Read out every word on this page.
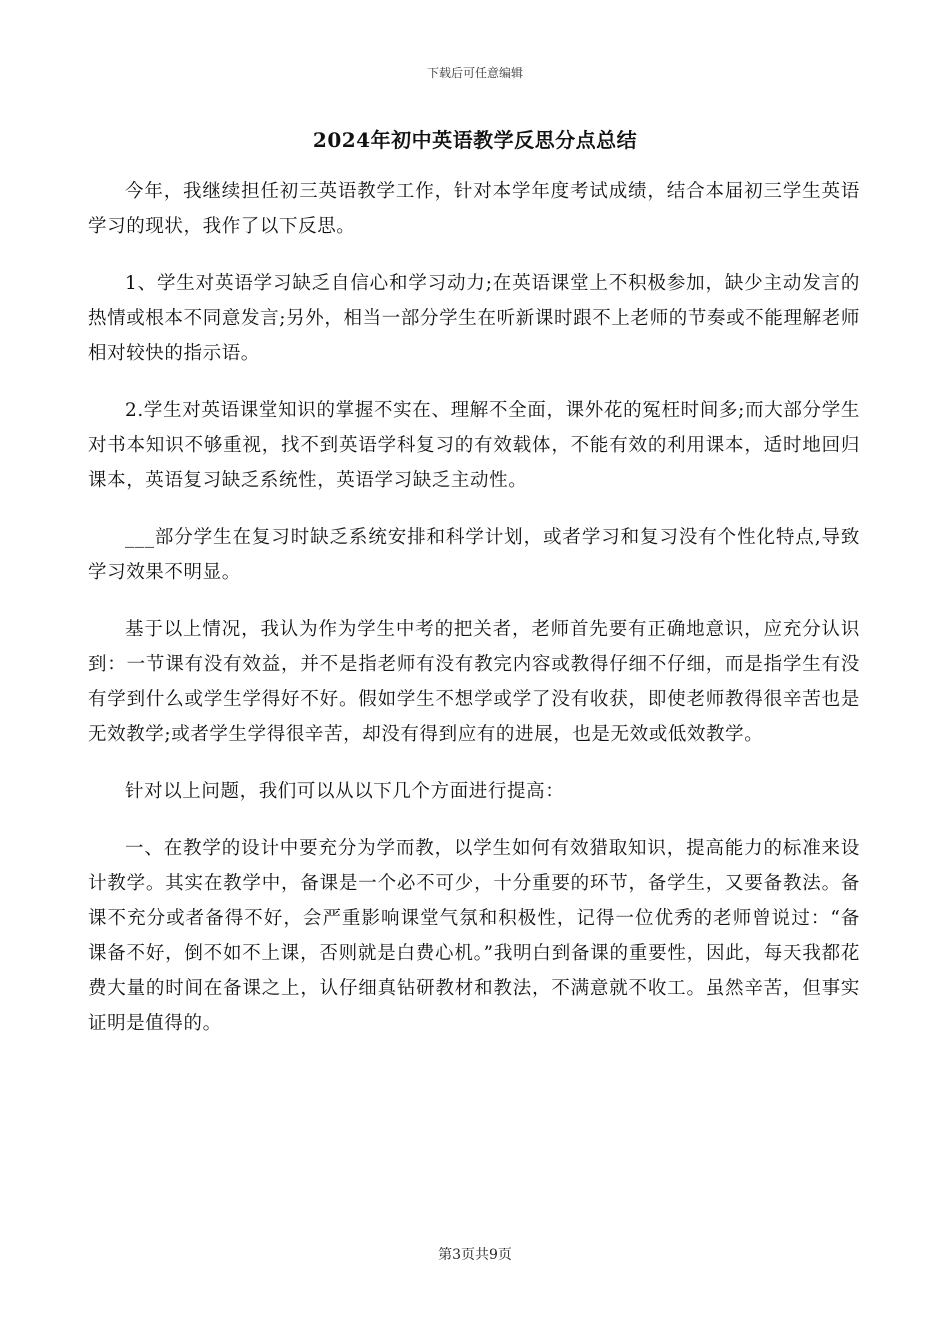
下载后可任意编辑
2024年初中英语教学反思分点总结

今年，我继续担任初三英语教学工作，针对本学年度考试成绩，结合本届初三学生英语学习的现状，我作了以下反思。

1、学生对英语学习缺乏自信心和学习动力;在英语课堂上不积极参加，缺少主动发言的热情或根本不同意发言;另外，相当一部分学生在听新课时跟不上老师的节奏或不能理解老师相对较快的指示语。

2.学生对英语课堂知识的掌握不实在、理解不全面，课外花的冤枉时间多;而大部分学生对书本知识不够重视，找不到英语学科复习的有效载体，不能有效的利用课本，适时地回归课本，英语复习缺乏系统性，英语学习缺乏主动性。

___部分学生在复习时缺乏系统安排和科学计划，或者学习和复习没有个性化特点,导致学习效果不明显。

基于以上情况，我认为作为学生中考的把关者，老师首先要有正确地意识，应充分认识到：一节课有没有效益，并不是指老师有没有教完内容或教得仔细不仔细，而是指学生有没有学到什么或学生学得好不好。假如学生不想学或学了没有收获，即使老师教得很辛苦也是无效教学;或者学生学得很辛苦，却没有得到应有的进展，也是无效或低效教学。

针对以上问题，我们可以从以下几个方面进行提高：

一、在教学的设计中要充分为学而教，以学生如何有效猎取知识，提高能力的标准来设计教学。其实在教学中，备课是一个必不可少，十分重要的环节，备学生，又要备教法。备课不充分或者备得不好，会严重影响课堂气氛和积极性，记得一位优秀的老师曾说过：“备课备不好，倒不如不上课，否则就是白费心机。”我明白到备课的重要性，因此，每天我都花费大量的时间在备课之上，认仔细真钻研教材和教法，不满意就不收工。虽然辛苦，但事实证明是值得的。

第3页共9页
